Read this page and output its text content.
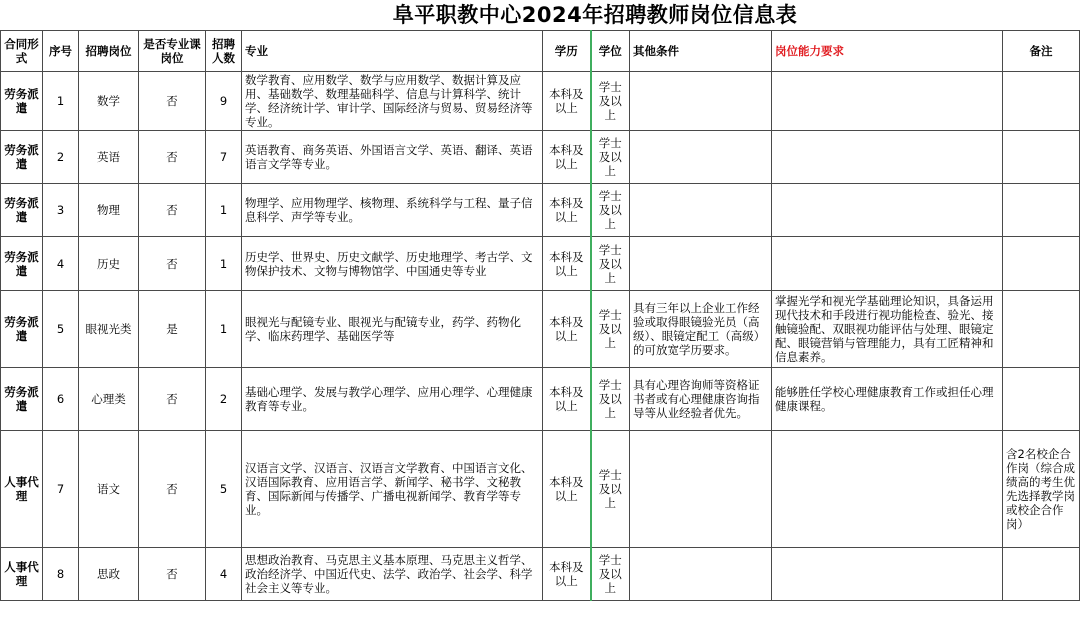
阜平职教中心2024年招聘教师岗位信息表
合同形式	序号	招聘岗位	是否专业课岗位	招聘人数	专业	学历	学位	其他条件	岗位能力要求	备注
劳务派遣	1	数学	否	9	数学教育、应用数学、数学与应用数学、数据计算及应用、基础数学、数理基础科学、信息与计算科学、统计学、经济统计学、审计学、国际经济与贸易、贸易经济等专业。	本科及以上	学士及以上			
劳务派遣	2	英语	否	7	英语教育、商务英语、外国语言文学、英语、翻译、英语语言文学等专业。	本科及以上	学士及以上			
劳务派遣	3	物理	否	1	物理学、应用物理学、核物理、系统科学与工程、量子信息科学、声学等专业。	本科及以上	学士及以上			
劳务派遣	4	历史	否	1	历史学、世界史、历史文献学、历史地理学、考古学、文物保护技术、文物与博物馆学、中国通史等专业	本科及以上	学士及以上			
劳务派遣	5	眼视光类	是	1	眼视光与配镜专业、眼视光与配镜专业，药学、药物化学、临床药理学、基础医学等	本科及以上	学士及以上	具有三年以上企业工作经验或取得眼镜验光员（高级）、眼镜定配工（高级）的可放宽学历要求。	掌握光学和视光学基础理论知识，具备运用现代技术和手段进行视功能检查、验光、接触镜验配、双眼视功能评估与处理、眼镜定配、眼镜营销与管理能力，具有工匠精神和信息素养。	
劳务派遣	6	心理类	否	2	基础心理学、发展与教学心理学、应用心理学、心理健康教育等专业。	本科及以上	学士及以上	具有心理咨询师等资格证书者或有心理健康咨询指导等从业经验者优先。	能够胜任学校心理健康教育工作或担任心理健康课程。	
人事代理	7	语文	否	5	汉语言文学、汉语言、汉语言文学教育、中国语言文化、汉语国际教育、应用语言学、新闻学、秘书学、文秘教育、国际新闻与传播学、广播电视新闻学、教育学等专业。	本科及以上	学士及以上			含2名校企合作岗（综合成绩高的考生优先选择教学岗或校企合作岗）
人事代理	8	思政	否	4	思想政治教育、马克思主义基本原理、马克思主义哲学、政治经济学、中国近代史、法学、政治学、社会学、科学社会主义等专业。	本科及以上	学士及以上			
